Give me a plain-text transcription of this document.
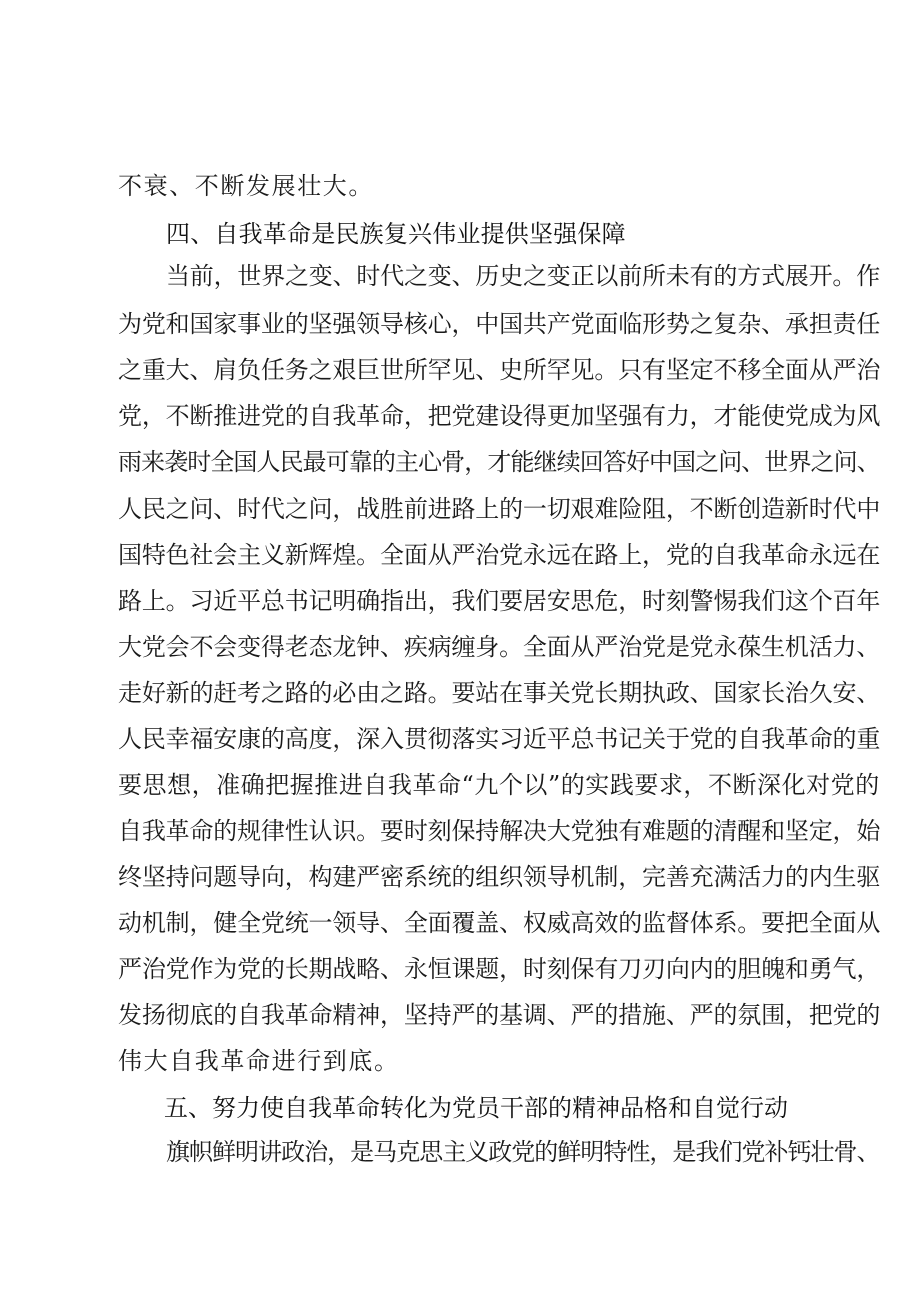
不衰、不断发展壮大。
四、自我革命是民族复兴伟业提供坚强保障
当前，世界之变、时代之变、历史之变正以前所未有的方式展开。作
为党和国家事业的坚强领导核心，中国共产党面临形势之复杂、承担责任
之重大、肩负任务之艰巨世所罕见、史所罕见。只有坚定不移全面从严治
党，不断推进党的自我革命，把党建设得更加坚强有力，才能使党成为风
雨来袭时全国人民最可靠的主心骨，才能继续回答好中国之问、世界之问、
人民之问、时代之问，战胜前进路上的一切艰难险阻，不断创造新时代中
国特色社会主义新辉煌。全面从严治党永远在路上，党的自我革命永远在
路上。习近平总书记明确指出，我们要居安思危，时刻警惕我们这个百年
大党会不会变得老态龙钟、疾病缠身。全面从严治党是党永葆生机活力、
走好新的赶考之路的必由之路。要站在事关党长期执政、国家长治久安、
人民幸福安康的高度，深入贯彻落实习近平总书记关于党的自我革命的重
要思想，准确把握推进自我革命“九个以”的实践要求，不断深化对党的
自我革命的规律性认识。要时刻保持解决大党独有难题的清醒和坚定，始
终坚持问题导向，构建严密系统的组织领导机制，完善充满活力的内生驱
动机制，健全党统一领导、全面覆盖、权威高效的监督体系。要把全面从
严治党作为党的长期战略、永恒课题，时刻保有刀刃向内的胆魄和勇气，
发扬彻底的自我革命精神，坚持严的基调、严的措施、严的氛围，把党的
伟大自我革命进行到底。
五、努力使自我革命转化为党员干部的精神品格和自觉行动
旗帜鲜明讲政治，是马克思主义政党的鲜明特性，是我们党补钙壮骨、
